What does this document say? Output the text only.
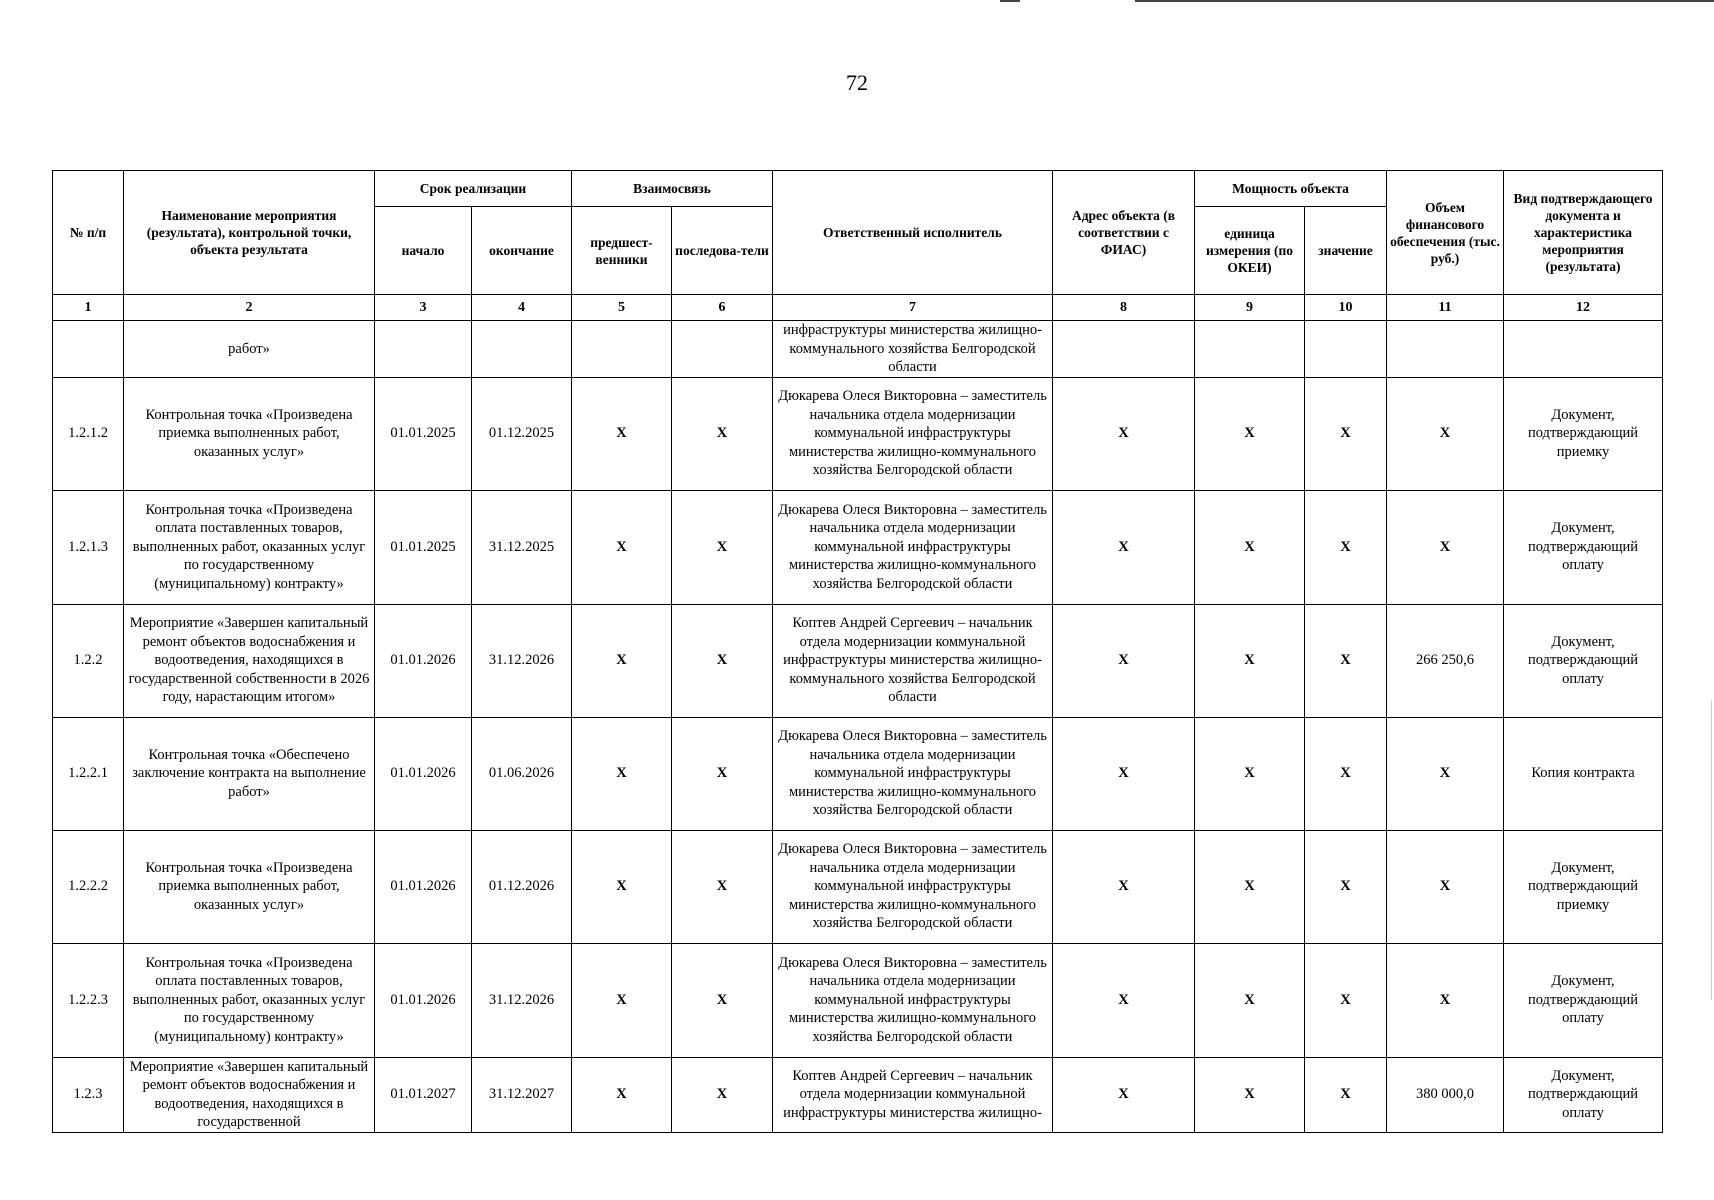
72
№ п/п	Наименование мероприятия (результата), контрольной точки, объекта результата	Срок реализации		Взаимосвязь		Ответственный исполнитель	Адрес объекта (в соответствии с ФИАС)	Мощность объекта		Объем финансового обеспечения (тыс. руб.)	Вид подтверждающего документа и характеристика мероприятия (результата)
		начало	окончание	предшест-венники	последова-тели			единица измерения (по ОКЕИ)	значение		
1	2	3	4	5	6	7	8	9	10	11	12
	работ»					инфраструктуры министерства жилищно-коммунального хозяйства Белгородской области					
1.2.1.2	Контрольная точка «Произведена приемка выполненных работ, оказанных услуг»	01.01.2025	01.12.2025	X	X	Дюкарева Олеся Викторовна – заместитель начальника отдела модернизации коммунальной инфраструктуры министерства жилищно-коммунального хозяйства Белгородской области	X	X	X	X	Документ, подтверждающий приемку
1.2.1.3	Контрольная точка «Произведена оплата поставленных товаров, выполненных работ, оказанных услуг по государственному (муниципальному) контракту»	01.01.2025	31.12.2025	X	X	Дюкарева Олеся Викторовна – заместитель начальника отдела модернизации коммунальной инфраструктуры министерства жилищно-коммунального хозяйства Белгородской области	X	X	X	X	Документ, подтверждающий оплату
1.2.2	Мероприятие «Завершен капитальный ремонт объектов водоснабжения и водоотведения, находящихся в государственной собственности в 2026 году, нарастающим итогом»	01.01.2026	31.12.2026	X	X	Коптев Андрей Сергеевич – начальник отдела модернизации коммунальной инфраструктуры министерства жилищно-коммунального хозяйства Белгородской области	X	X	X	266 250,6	Документ, подтверждающий оплату
1.2.2.1	Контрольная точка «Обеспечено заключение контракта на выполнение работ»	01.01.2026	01.06.2026	X	X	Дюкарева Олеся Викторовна – заместитель начальника отдела модернизации коммунальной инфраструктуры министерства жилищно-коммунального хозяйства Белгородской области	X	X	X	X	Копия контракта
1.2.2.2	Контрольная точка «Произведена приемка выполненных работ, оказанных услуг»	01.01.2026	01.12.2026	X	X	Дюкарева Олеся Викторовна – заместитель начальника отдела модернизации коммунальной инфраструктуры министерства жилищно-коммунального хозяйства Белгородской области	X	X	X	X	Документ, подтверждающий приемку
1.2.2.3	Контрольная точка «Произведена оплата поставленных товаров, выполненных работ, оказанных услуг по государственному (муниципальному) контракту»	01.01.2026	31.12.2026	X	X	Дюкарева Олеся Викторовна – заместитель начальника отдела модернизации коммунальной инфраструктуры министерства жилищно-коммунального хозяйства Белгородской области	X	X	X	X	Документ, подтверждающий оплату
1.2.3	Мероприятие «Завершен капитальный ремонт объектов водоснабжения и водоотведения, находящихся в государственной	01.01.2027	31.12.2027	X	X	Коптев Андрей Сергеевич – начальник отдела модернизации коммунальной инфраструктуры министерства жилищно-	X	X	X	380 000,0	Документ, подтверждающий оплату
